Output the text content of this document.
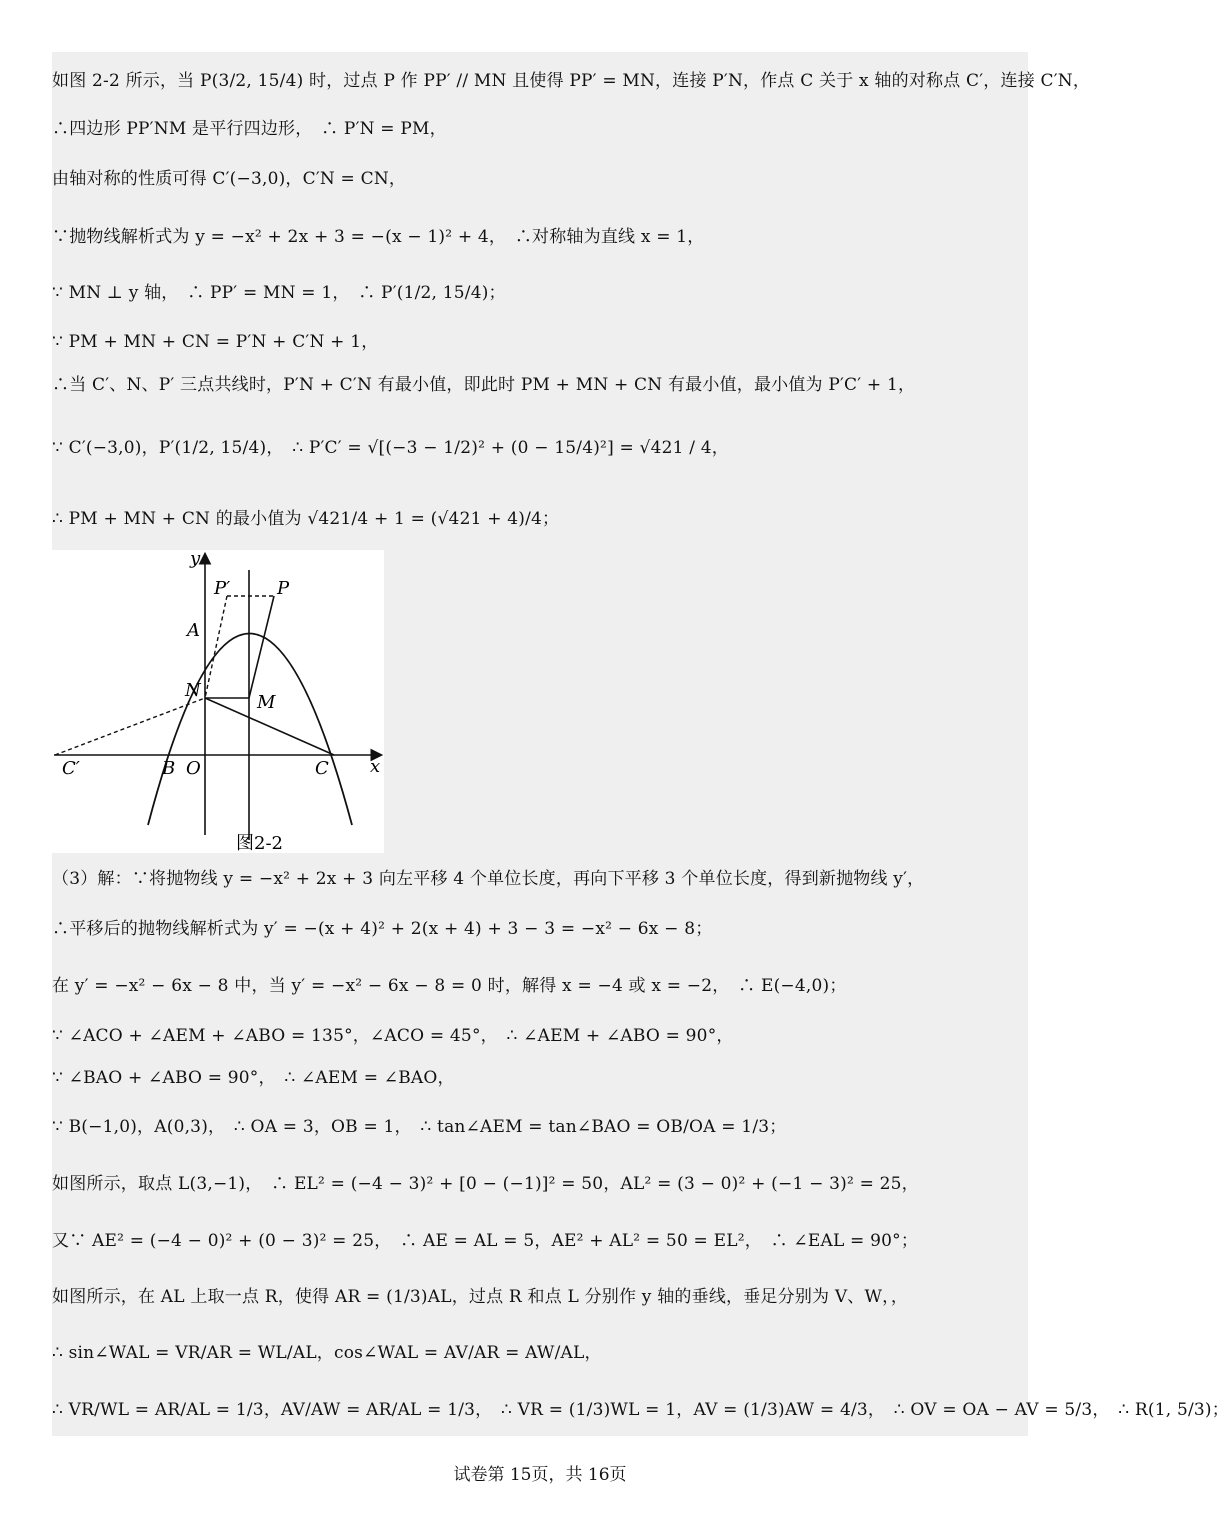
如图 2-2 所示，当 P(3/2, 15/4) 时，过点 P 作 PP′ // MN 且使得 PP′ = MN，连接 P′N，作点 C 关于 x 轴的对称点 C′，连接 C′N，
∴四边形 PP′NM 是平行四边形，　∴ P′N = PM，
由轴对称的性质可得 C′(−3,0)，C′N = CN，
∵抛物线解析式为 y = −x² + 2x + 3 = −(x − 1)² + 4，　∴对称轴为直线 x = 1，
∵ MN ⊥ y 轴，　∴ PP′ = MN = 1，　∴ P′(1/2, 15/4)；
∵ PM + MN + CN = P′N + C′N + 1，
∴当 C′、N、P′ 三点共线时，P′N + C′N 有最小值，即此时 PM + MN + CN 有最小值，最小值为 P′C′ + 1，
∵ C′(−3,0)，P′(1/2, 15/4)，　∴ P′C′ = √[(−3 − 1/2)² + (0 − 15/4)²] = √421 / 4，
∴ PM + MN + CN 的最小值为 √421/4 + 1 = (√421 + 4)/4；
y
x
P′	P
A
N
M
C′	B O	C
图2-2
（3）解：∵将抛物线 y = −x² + 2x + 3 向左平移 4 个单位长度，再向下平移 3 个单位长度，得到新抛物线 y′，
∴平移后的抛物线解析式为 y′ = −(x + 4)² + 2(x + 4) + 3 − 3 = −x² − 6x − 8；
在 y′ = −x² − 6x − 8 中，当 y′ = −x² − 6x − 8 = 0 时，解得 x = −4 或 x = −2，　∴ E(−4,0)；
∵ ∠ACO + ∠AEM + ∠ABO = 135°，∠ACO = 45°，　∴ ∠AEM + ∠ABO = 90°，
∵ ∠BAO + ∠ABO = 90°，　∴ ∠AEM = ∠BAO，
∵ B(−1,0)，A(0,3)，　∴ OA = 3，OB = 1，　∴ tan∠AEM = tan∠BAO = OB/OA = 1/3；
如图所示，取点 L(3,−1)，　∴ EL² = (−4 − 3)² + [0 − (−1)]² = 50，AL² = (3 − 0)² + (−1 − 3)² = 25，
又∵ AE² = (−4 − 0)² + (0 − 3)² = 25，　∴ AE = AL = 5，AE² + AL² = 50 = EL²，　∴ ∠EAL = 90°；
如图所示，在 AL 上取一点 R，使得 AR = (1/3)AL，过点 R 和点 L 分别作 y 轴的垂线，垂足分别为 V、W，，
∴ sin∠WAL = VR/AR = WL/AL，cos∠WAL = AV/AR = AW/AL，
∴ VR/WL = AR/AL = 1/3，AV/AW = AR/AL = 1/3，　∴ VR = (1/3)WL = 1，AV = (1/3)AW = 4/3，　∴ OV = OA − AV = 5/3，　∴ R(1, 5/3)；
试卷第 15页，共 16页
